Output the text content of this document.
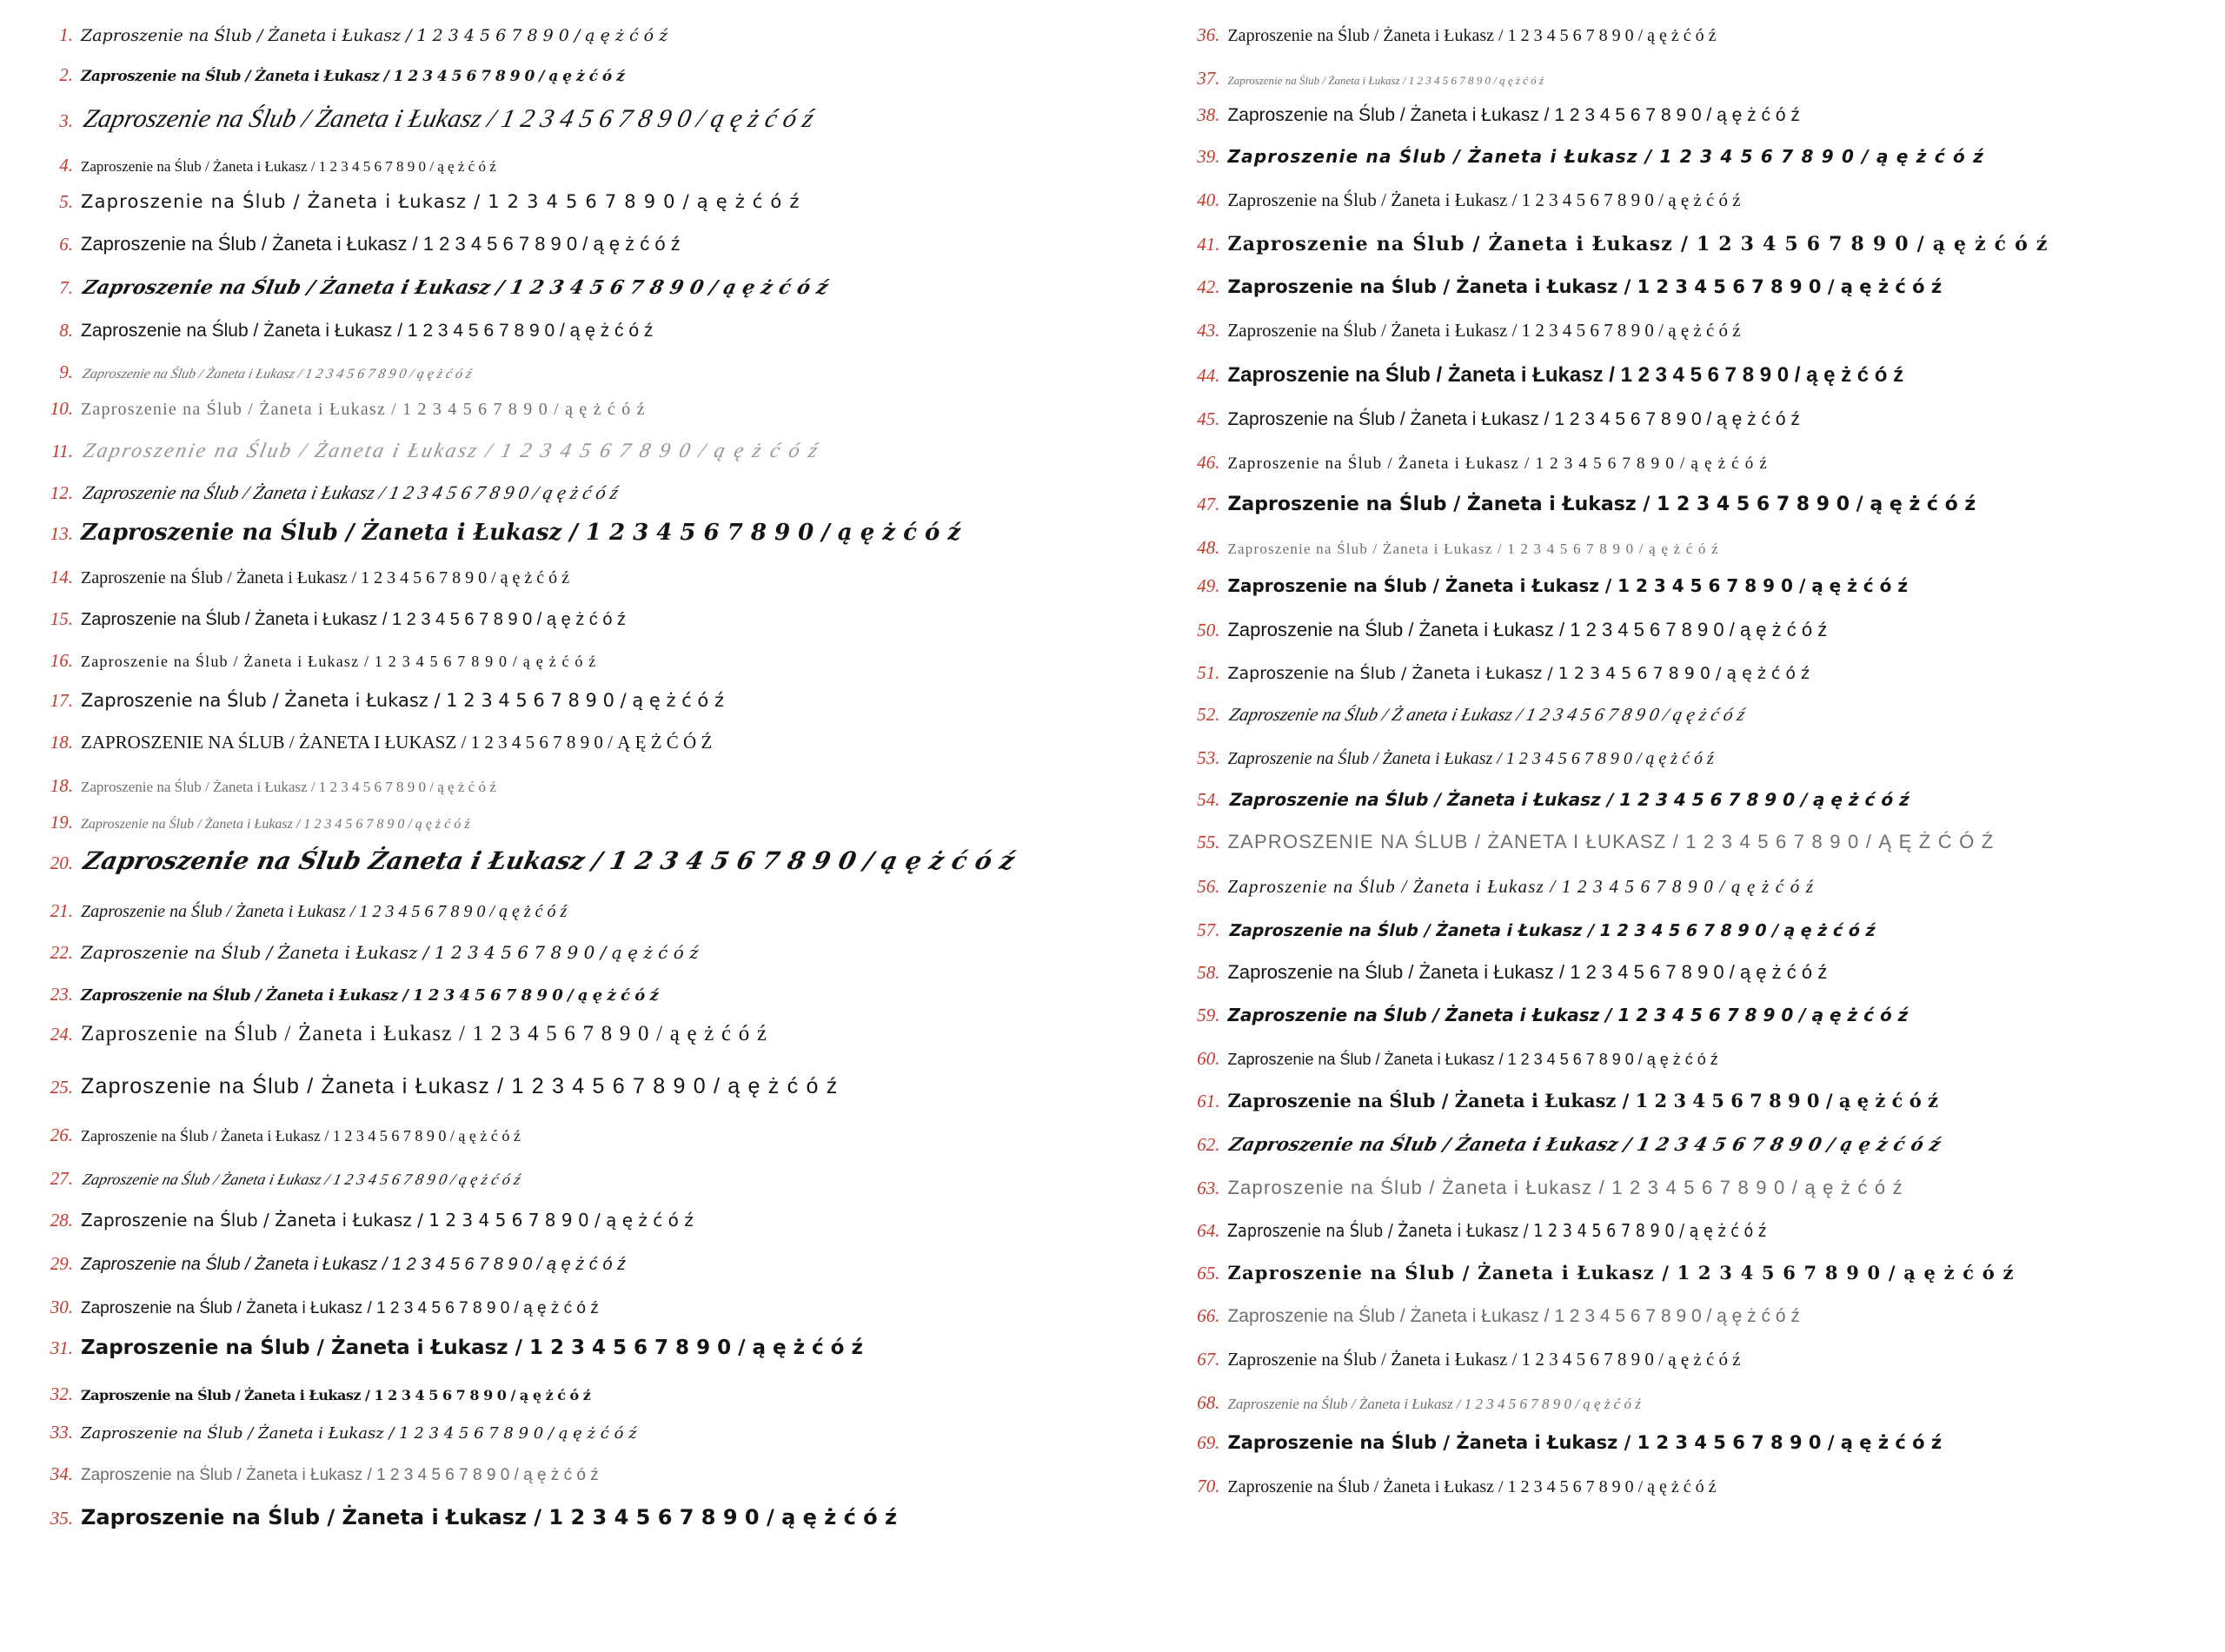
1. Zaproszenie na Ślub / Żaneta i Łukasz / 1 2 3 4 5 6 7 8 9 0 / ą ę ż ć ó ź
2. Zaproszenie na Ślub / Żaneta i Łukasz / 1 2 3 4 5 6 7 8 9 0 / ą ę ż ć ó ź
3. Zaproszenie na Ślub / Żaneta i Łukasz / 1 2 3 4 5 6 7 8 9 0 / ą ę ż ć ó ź
4. Zaproszenie na Ślub / Żaneta i Łukasz / 1 2 3 4 5 6 7 8 9 0 / ą ę ż ć ó ź
5. Zaproszenie na Ślub / Żaneta i Łukasz / 1 2 3 4 5 6 7 8 9 0 / ą ę ż ć ó ź
6. Zaproszenie na Ślub / Żaneta i Łukasz / 1 2 3 4 5 6 7 8 9 0 / ą ę ż ć ó ź
7. Zaproszenie na Ślub / Żaneta i Łukasz / 1 2 3 4 5 6 7 8 9 0 / ą ę ż ć ó ź
8. Zaproszenie na Ślub / Żaneta i Łukasz / 1 2 3 4 5 6 7 8 9 0 / ą ę ż ć ó ź
9. Zaproszenie na Ślub / Żaneta i Łukasz / 1 2 3 4 5 6 7 8 9 0 / ą ę ż ć ó ź
10. Zaproszenie na Ślub / Żaneta i Łukasz / 1 2 3 4 5 6 7 8 9 0 / ą ę ż ć ó ź
11. Zaproszenie na Ślub / Żaneta i Łukasz / 1 2 3 4 5 6 7 8 9 0 / ą ę ż ć ó ź
12. Zaproszenie na Ślub / Żaneta i Łukasz / 1 2 3 4 5 6 7 8 9 0 / ą ę ż ć ó ź
13. Zaproszenie na Ślub / Żaneta i Łukasz / 1 2 3 4 5 6 7 8 9 0 / ą ę ż ć ó ź
14. Zaproszenie na Ślub / Żaneta i Łukasz / 1 2 3 4 5 6 7 8 9 0 / ą ę ż ć ó ź
15. Zaproszenie na Ślub / Żaneta i Łukasz / 1 2 3 4 5 6 7 8 9 0 / ą ę ż ć ó ź
16. Zaproszenie na Ślub / Żaneta i Łukasz / 1 2 3 4 5 6 7 8 9 0 / ą ę ż ć ó ź
17. Zaproszenie na Ślub / Żaneta i Łukasz / 1 2 3 4 5 6 7 8 9 0 / ą ę ż ć ó ź
18. ZAPROSZENIE NA ŚLUB / ŻANETA I ŁUKASZ / 1 2 3 4 5 6 7 8 9 0 / Ą Ę Ż Ć Ó Ź
18. Zaproszenie na Ślub / Żaneta i Łukasz / 1 2 3 4 5 6 7 8 9 0 / ą ę ż ć ó ź
19. Zaproszenie na Ślub / Żaneta i Łukasz / 1 2 3 4 5 6 7 8 9 0 / ą ę ż ć ó ź
20. Zaproszenie na Ślub Żaneta i Łukasz / 1 2 3 4 5 6 7 8 9 0 / ą ę ż ć ó ź
21. Zaproszenie na Ślub / Żaneta i Łukasz / 1 2 3 4 5 6 7 8 9 0 / ą ę ż ć ó ź
22. Zaproszenie na Ślub / Żaneta i Łukasz / 1 2 3 4 5 6 7 8 9 0 / ą ę ż ć ó ź
23. Zaproszenie na Ślub / Żaneta i Łukasz / 1 2 3 4 5 6 7 8 9 0 / ą ę ż ć ó ź
24. Zaproszenie na Ślub / Żaneta i Łukasz / 1 2 3 4 5 6 7 8 9 0 / ą ę ż ć ó ź
25. Zaproszenie na Ślub / Żaneta i Łukasz / 1 2 3 4 5 6 7 8 9 0 / ą ę ż ć ó ź
26. Zaproszenie na Ślub / Żaneta i Łukasz / 1 2 3 4 5 6 7 8 9 0 / ą ę ż ć ó ź
27. Zaproszenie na Ślub / Żaneta i Łukasz / 1 2 3 4 5 6 7 8 9 0 / ą ę ż ć ó ź
28. Zaproszenie na Ślub / Żaneta i Łukasz / 1 2 3 4 5 6 7 8 9 0 / ą ę ż ć ó ź
29. Zaproszenie na Ślub / Żaneta i Łukasz / 1 2 3 4 5 6 7 8 9 0 / ą ę ż ć ó ź
30. Zaproszenie na Ślub / Żaneta i Łukasz / 1 2 3 4 5 6 7 8 9 0 / ą ę ż ć ó ź
31. Zaproszenie na Ślub / Żaneta i Łukasz / 1 2 3 4 5 6 7 8 9 0 / ą ę ż ć ó ź
32. Zaproszenie na Ślub / Żaneta i Łukasz / 1 2 3 4 5 6 7 8 9 0 / ą ę ż ć ó ź
33. Zaproszenie na Ślub / Żaneta i Łukasz / 1 2 3 4 5 6 7 8 9 0 / ą ę ż ć ó ź
34. Zaproszenie na Ślub / Żaneta i Łukasz / 1 2 3 4 5 6 7 8 9 0 / ą ę ż ć ó ź
35. Zaproszenie na Ślub / Żaneta i Łukasz / 1 2 3 4 5 6 7 8 9 0 / ą ę ż ć ó ź
36. Zaproszenie na Ślub / Żaneta i Łukasz / 1 2 3 4 5 6 7 8 9 0 / ą ę ż ć ó ź
37. Zaproszenie na Ślub / Żaneta i Łukasz / 1 2 3 4 5 6 7 8 9 0 / ą ę ż ć ó ź
38. Zaproszenie na Ślub / Żaneta i Łukasz / 1 2 3 4 5 6 7 8 9 0 / ą ę ż ć ó ź
39. Zaproszenie na Ślub / Żaneta i Łukasz / 1 2 3 4 5 6 7 8 9 0 / ą ę ż ć ó ź
40. Zaproszenie na Ślub / Żaneta i Łukasz / 1 2 3 4 5 6 7 8 9 0 / ą ę ż ć ó ź
41. Zaproszenie na Ślub / Żaneta i Łukasz / 1 2 3 4 5 6 7 8 9 0 / ą ę ż ć ó ź
42. Zaproszenie na Ślub / Żaneta i Łukasz / 1 2 3 4 5 6 7 8 9 0 / ą ę ż ć ó ź
43. Zaproszenie na Ślub / Żaneta i Łukasz / 1 2 3 4 5 6 7 8 9 0 / ą ę ż ć ó ź
44. Zaproszenie na Ślub / Żaneta i Łukasz / 1 2 3 4 5 6 7 8 9 0 / ą ę ż ć ó ź
45. Zaproszenie na Ślub / Żaneta i Łukasz / 1 2 3 4 5 6 7 8 9 0 / ą ę ż ć ó ź
46. Zaproszenie na Ślub / Żaneta i Łukasz / 1 2 3 4 5 6 7 8 9 0 / ą ę ż ć ó ź
47. Zaproszenie na Ślub / Żaneta i Łukasz / 1 2 3 4 5 6 7 8 9 0 / ą ę ż ć ó ź
48. Zaproszenie na Ślub / Żaneta i Łukasz / 1 2 3 4 5 6 7 8 9 0 / ą ę ż ć ó ź
49. Zaproszenie na Ślub / Żaneta i Łukasz / 1 2 3 4 5 6 7 8 9 0 / ą ę ż ć ó ź
50. Zaproszenie na Ślub / Żaneta i Łukasz / 1 2 3 4 5 6 7 8 9 0 / ą ę ż ć ó ź
51. Zaproszenie na Ślub / Żaneta i Łukasz / 1 2 3 4 5 6 7 8 9 0 / ą ę ż ć ó ź
52. Zaproszenie na Ślub / Ż aneta i Łukasz / 1 2 3 4 5 6 7 8 9 0 / ą ę ż ć ó ź
53. Zaproszenie na Ślub / Żaneta i Łukasz / 1 2 3 4 5 6 7 8 9 0 / ą ę ż ć ó ź
54. Zaproszenie na Ślub / Żaneta i Łukasz / 1 2 3 4 5 6 7 8 9 0 / ą ę ż ć ó ź
55. ZAPROSZENIE NA ŚLUB / ŻANETA I ŁUKASZ / 1 2 3 4 5 6 7 8 9 0 / Ą Ę Ż Ć Ó Ź
56. Zaproszenie na Ślub / Żaneta i Łukasz / 1 2 3 4 5 6 7 8 9 0 / ą ę ż ć ó ź
57. Zaproszenie na Ślub / Żaneta i Łukasz / 1 2 3 4 5 6 7 8 9 0 / ą ę ż ć ó ź
58. Zaproszenie na Ślub / Żaneta i Łukasz / 1 2 3 4 5 6 7 8 9 0 / ą ę ż ć ó ź
59. Zaproszenie na Ślub / Żaneta i Łukasz / 1 2 3 4 5 6 7 8 9 0 / ą ę ż ć ó ź
60. Zaproszenie na Ślub / Żaneta i Łukasz / 1 2 3 4 5 6 7 8 9 0 / ą ę ż ć ó ź
61. Zaproszenie na Ślub / Żaneta i Łukasz / 1 2 3 4 5 6 7 8 9 0 / ą ę ż ć ó ź
62. Zaproszenie na Ślub / Żaneta i Łukasz / 1 2 3 4 5 6 7 8 9 0 / ą ę ż ć ó ź
63. Zaproszenie na Ślub / Żaneta i Łukasz / 1 2 3 4 5 6 7 8 9 0 / ą ę ż ć ó ź
64. Zaproszenie na Ślub / Żaneta i Łukasz / 1 2 3 4 5 6 7 8 9 0 / ą ę ż ć ó ź
65. Zaproszenie na Ślub / Żaneta i Łukasz / 1 2 3 4 5 6 7 8 9 0 / ą ę ż ć ó ź
66. Zaproszenie na Ślub / Żaneta i Łukasz / 1 2 3 4 5 6 7 8 9 0 / ą ę ż ć ó ź
67. Zaproszenie na Ślub / Żaneta i Łukasz / 1 2 3 4 5 6 7 8 9 0 / ą ę ż ć ó ź
68. Zaproszenie na Ślub / Żaneta i Łukasz / 1 2 3 4 5 6 7 8 9 0 / ą ę ż ć ó ź
69. Zaproszenie na Ślub / Żaneta i Łukasz / 1 2 3 4 5 6 7 8 9 0 / ą ę ż ć ó ź
70. Zaproszenie na Ślub / Żaneta i Łukasz / 1 2 3 4 5 6 7 8 9 0 / ą ę ż ć ó ź
